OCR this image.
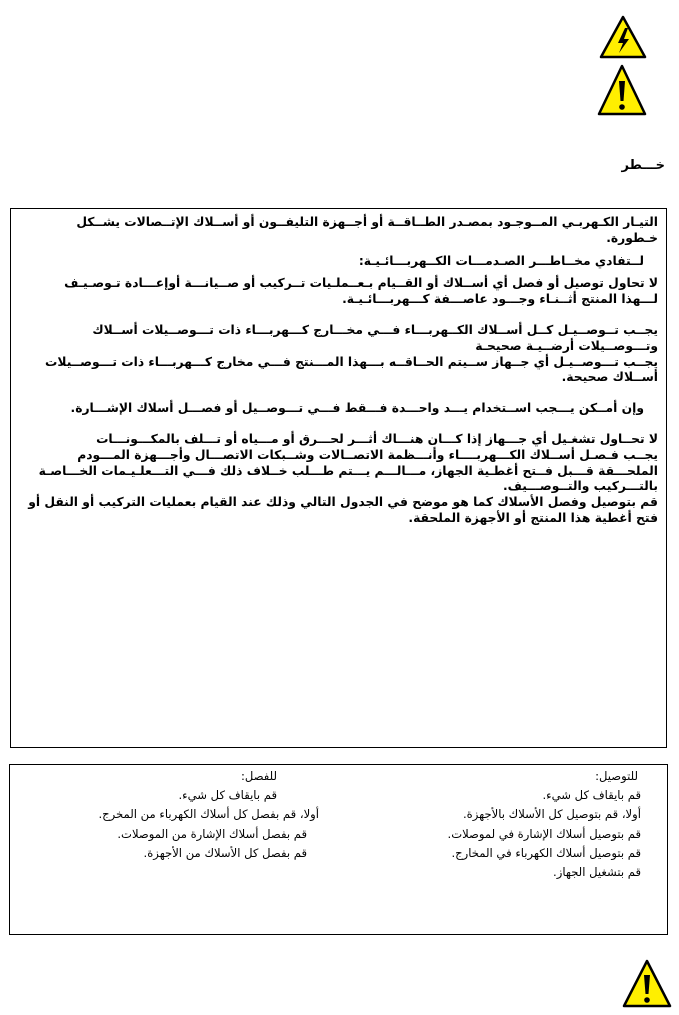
خـــطر

التيـار الكـهربـي المــوجـود بمصـدر الطــاقــة أو أجــهزة التليفــون أو أســلاك الإتــصالات يشــكل خـطورة.

لــتفادي مخــاطـــر الصـدمـــات الكــهربـــائـيـة:

لا تحاول توصيل أو فصل أي أســلاك أو القــيام بـعــملـيات تــركيب أو صــيانـــة أوإعـــادة تـوصـيـف لـــهذا المنتج أثــنـاء وجـــود عاصـــفة كـــهربـــائـيـة.

يجــب تــوصــيـل كــل أســلاك الكــهربـــاء فـــي مخـــارج كـــهربـــاء ذات تـــوصــيلات أســلاك وتـــوصــيلات أرضــيـة صحيحـة

يجــب تـــوصــيـل أي جــهاز ســيتم الحــاقــه بـــهذا المـــنتج فـــي مخارج كـــهربـــاء ذات تـــوصــيلات أســلاك صحيحة.

وإن أمــكن يـــجب اســتخدام يـــد واحـــدة فـــقط فـــي تـــوصــيل أو فصـــل أسلاك الإشـــارة.

لا تحــاول تشغـيل أي جـــهاز إذا كـــان هنـــاك أثـــر لحـــرق أو مـــياه أو تـــلف بالمكـــونـــات

يجــب فـصـل أســلاك الكـــهربــــاء وأنـــظمة الاتصــالات وشــبكات الاتصـــال وأجـــهزة المـــودم الملحـــقة قـــبل فــتح أغطـية الجهاز، مـــالـــم يـــتم طـــلب خــلاف ذلك فـــي التـــعلـيـمات الخـــاصـة بالتـــركيب والتــوصـــيف.

قم بتوصيل وفصل الأسلاك كما هو موضح في الجدول التالي وذلك عند القيام بعمليات التركيب أو النقل أو فتح أغطية هذا المنتج أو الأجهزة الملحقة.

للتوصيل:
قم بايقاف كل شيء.
أولا، قم بتوصيل كل الأسلاك بالأجهزة.
قم بتوصيل أسلاك الإشارة في لموصلات.
قم بتوصيل أسلاك الكهرباء في المخارج.
قم بتشغيل الجهاز.
للفصل:
قم بايقاف كل شيء.
أولا، قم بفصل كل أسلاك الكهرباء من المخرج.
قم بفصل أسلاك الإشارة من الموصلات.
قم بفصل كل الأسلاك من الأجهزة.
